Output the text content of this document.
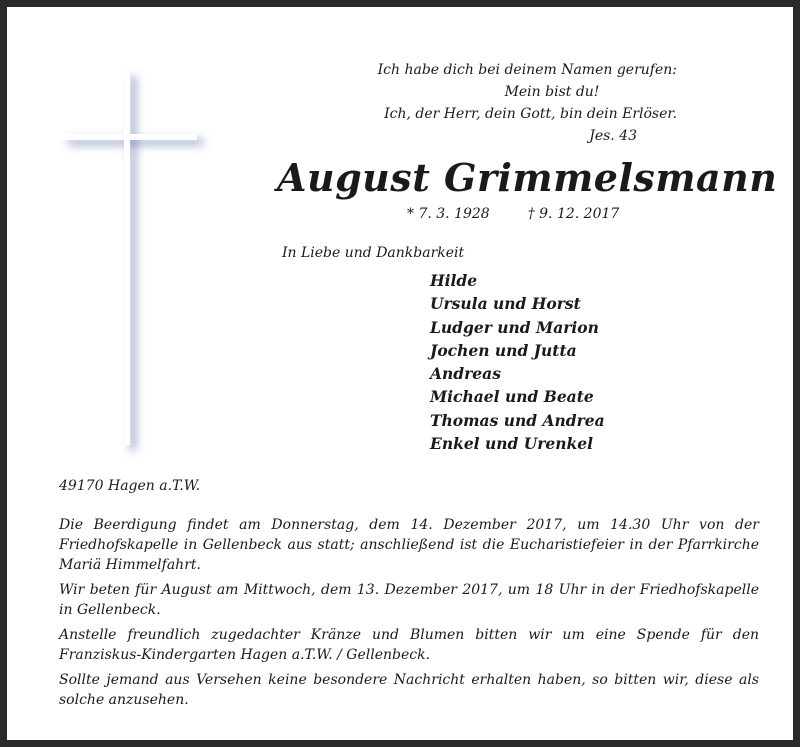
Ich habe dich bei deinem Namen gerufen:
Mein bist du!
Ich, der Herr, dein Gott, bin dein Erlöser.
Jes. 43
August Grimmelsmann
* 7. 3. 1928	† 9. 12. 2017
In Liebe und Dankbarkeit
Hilde
Ursula und Horst
Ludger und Marion
Jochen und Jutta
Andreas
Michael und Beate
Thomas und Andrea
Enkel und Urenkel
49170 Hagen a.T.W.

Die Beerdigung findet am Donnerstag, dem 14. Dezember 2017, um 14.30 Uhr von der Friedhofskapelle in Gellenbeck aus statt; anschließend ist die Eucharistiefeier in der Pfarrkirche Mariä Himmelfahrt.

Wir beten für August am Mittwoch, dem 13. Dezember 2017, um 18 Uhr in der Friedhofskapelle in Gellenbeck.

Anstelle freundlich zugedachter Kränze und Blumen bitten wir um eine Spende für den Franziskus-Kindergarten Hagen a.T.W. / Gellenbeck.

Sollte jemand aus Versehen keine besondere Nachricht erhalten haben, so bitten wir, diese als solche anzusehen.
